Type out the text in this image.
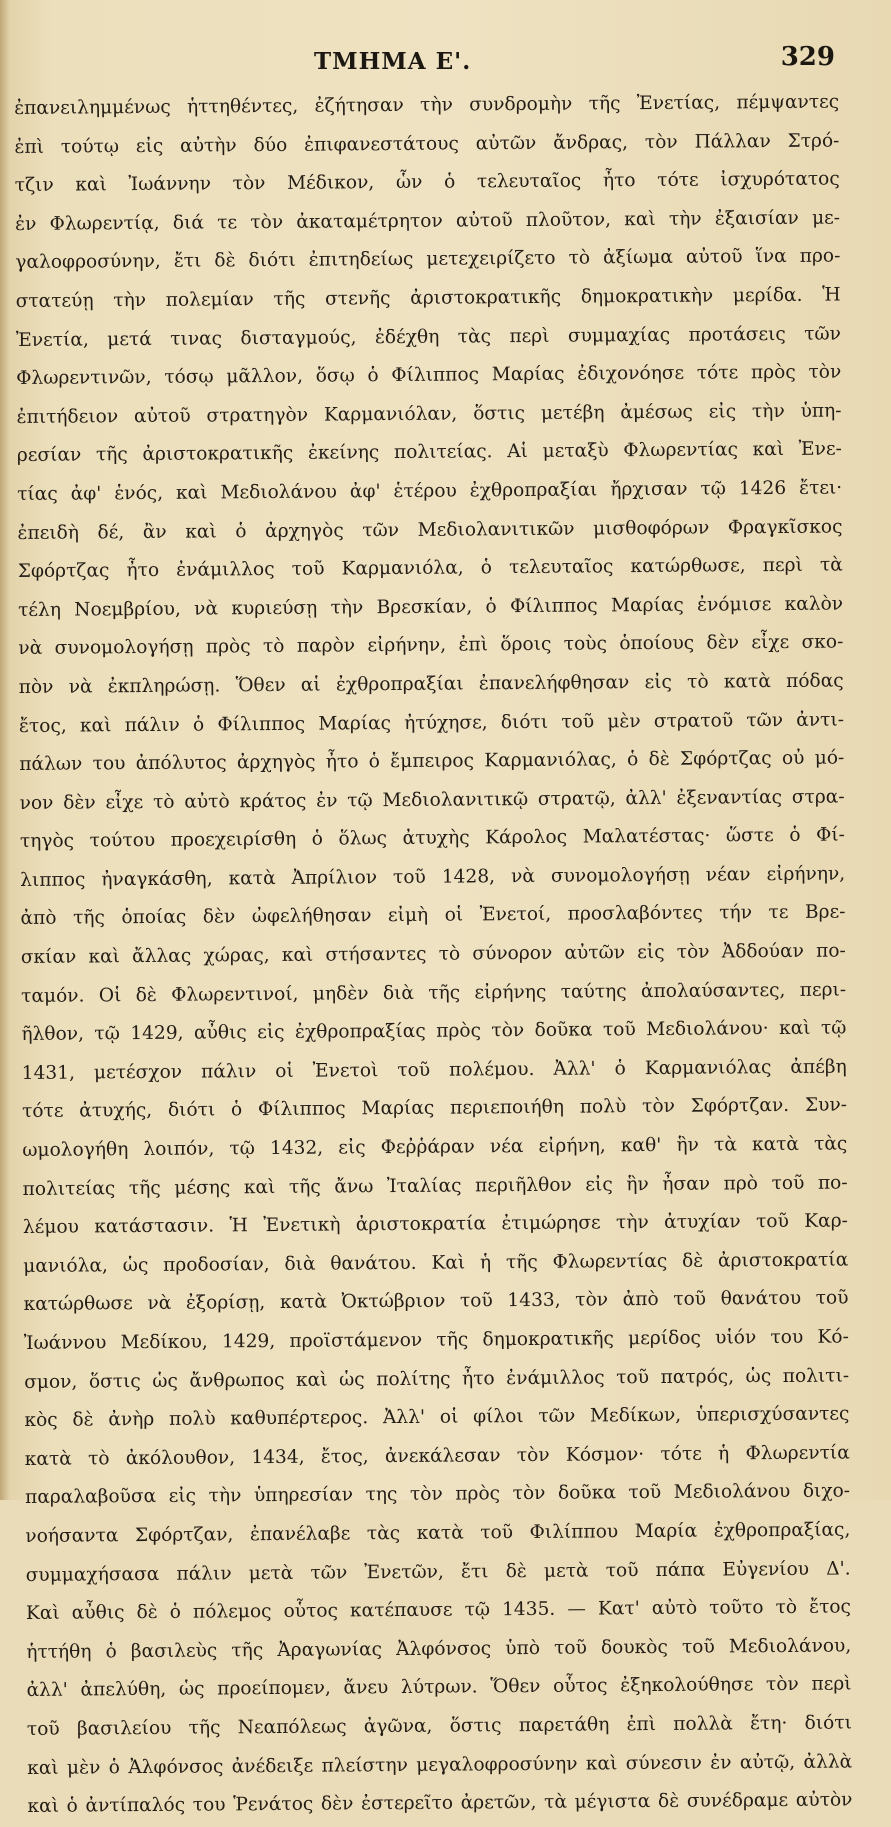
ΤΜΗΜΑ Ε'.	329
ἐπανειλημμένως ἡττηθέντες, ἐζήτησαν τὴν συνδρομὴν τῆς Ἐνετίας, πέμψαντες
ἐπὶ τούτῳ εἰς αὐτὴν δύο ἐπιφανεστάτους αὐτῶν ἄνδρας, τὸν Πάλλαν Στρό-
τζιν καὶ Ἰωάννην τὸν Μέδικον, ὧν ὁ τελευταῖος ἦτο τότε ἰσχυρότατος
ἐν Φλωρεντίᾳ, διά τε τὸν ἀκαταμέτρητον αὐτοῦ πλοῦτον, καὶ τὴν ἐξαισίαν με-
γαλοφροσύνην, ἔτι δὲ διότι ἐπιτηδείως μετεχειρίζετο τὸ ἀξίωμα αὐτοῦ ἵνα προ-
στατεύῃ τὴν πολεμίαν τῆς στενῆς ἀριστοκρατικῆς δημοκρατικὴν μερίδα. Ἡ
Ἐνετία, μετά τινας δισταγμούς, ἐδέχθη τὰς περὶ συμμαχίας προτάσεις τῶν
Φλωρεντινῶν, τόσῳ μᾶλλον, ὅσῳ ὁ Φίλιππος Μαρίας ἐδιχονόησε τότε πρὸς τὸν
ἐπιτήδειον αὐτοῦ στρατηγὸν Καρμανιόλαν, ὅστις μετέβη ἀμέσως εἰς τὴν ὑπη-
ρεσίαν τῆς ἀριστοκρατικῆς ἐκείνης πολιτείας. Αἱ μεταξὺ Φλωρεντίας καὶ Ἐνε-
τίας ἀφ' ἑνός, καὶ Μεδιολάνου ἀφ' ἑτέρου ἐχθροπραξίαι ἤρχισαν τῷ 1426 ἔτει·
ἐπειδὴ δέ, ἂν καὶ ὁ ἀρχηγὸς τῶν Μεδιολανιτικῶν μισθοφόρων Φραγκῖσκος
Σφόρτζας ἦτο ἐνάμιλλος τοῦ Καρμανιόλα, ὁ τελευταῖος κατώρθωσε, περὶ τὰ
τέλη Νοεμβρίου, νὰ κυριεύσῃ τὴν Βρεσκίαν, ὁ Φίλιππος Μαρίας ἐνόμισε καλὸν
νὰ συνομολογήσῃ πρὸς τὸ παρὸν εἰρήνην, ἐπὶ ὅροις τοὺς ὁποίους δὲν εἶχε σκο-
πὸν νὰ ἐκπληρώσῃ. Ὅθεν αἱ ἐχθροπραξίαι ἐπανελήφθησαν εἰς τὸ κατὰ πόδας
ἔτος, καὶ πάλιν ὁ Φίλιππος Μαρίας ἠτύχησε, διότι τοῦ μὲν στρατοῦ τῶν ἀντι-
πάλων του ἀπόλυτος ἀρχηγὸς ἦτο ὁ ἔμπειρος Καρμανιόλας, ὁ δὲ Σφόρτζας οὐ μό-
νον δὲν εἶχε τὸ αὐτὸ κράτος ἐν τῷ Μεδιολανιτικῷ στρατῷ, ἀλλ' ἐξεναντίας στρα-
τηγὸς τούτου προεχειρίσθη ὁ ὅλως ἀτυχὴς Κάρολος Μαλατέστας· ὥστε ὁ Φί-
λιππος ἠναγκάσθη, κατὰ Ἀπρίλιον τοῦ 1428, νὰ συνομολογήσῃ νέαν εἰρήνην,
ἀπὸ τῆς ὁποίας δὲν ὠφελήθησαν εἰμὴ οἱ Ἐνετοί, προσλαβόντες τήν τε Βρε-
σκίαν καὶ ἄλλας χώρας, καὶ στήσαντες τὸ σύνορον αὐτῶν εἰς τὸν Ἀδδούαν πο-
ταμόν. Οἱ δὲ Φλωρεντινοί, μηδὲν διὰ τῆς εἰρήνης ταύτης ἀπολαύσαντες, περι-
ῆλθον, τῷ 1429, αὖθις εἰς ἐχθροπραξίας πρὸς τὸν δοῦκα τοῦ Μεδιολάνου· καὶ τῷ
1431, μετέσχον πάλιν οἱ Ἐνετοὶ τοῦ πολέμου. Ἀλλ' ὁ Καρμανιόλας ἀπέβη
τότε ἀτυχής, διότι ὁ Φίλιππος Μαρίας περιεποιήθη πολὺ τὸν Σφόρτζαν. Συν-
ωμολογήθη λοιπόν, τῷ 1432, εἰς Φεῤῥάραν νέα εἰρήνη, καθ' ἣν τὰ κατὰ τὰς
πολιτείας τῆς μέσης καὶ τῆς ἄνω Ἰταλίας περιῆλθον εἰς ἣν ἦσαν πρὸ τοῦ πο-
λέμου κατάστασιν. Ἡ Ἐνετικὴ ἀριστοκρατία ἐτιμώρησε τὴν ἀτυχίαν τοῦ Καρ-
μανιόλα, ὡς προδοσίαν, διὰ θανάτου. Καὶ ἡ τῆς Φλωρεντίας δὲ ἀριστοκρατία
κατώρθωσε νὰ ἐξορίσῃ, κατὰ Ὀκτώβριον τοῦ 1433, τὸν ἀπὸ τοῦ θανάτου τοῦ
Ἰωάννου Μεδίκου, 1429, προϊστάμενον τῆς δημοκρατικῆς μερίδος υἱόν του Κό-
σμον, ὅστις ὡς ἄνθρωπος καὶ ὡς πολίτης ἦτο ἐνάμιλλος τοῦ πατρός, ὡς πολιτι-
κὸς δὲ ἀνὴρ πολὺ καθυπέρτερος. Ἀλλ' οἱ φίλοι τῶν Μεδίκων, ὑπερισχύσαντες
κατὰ τὸ ἀκόλουθον, 1434, ἔτος, ἀνεκάλεσαν τὸν Κόσμον· τότε ἡ Φλωρεντία
παραλαβοῦσα εἰς τὴν ὑπηρεσίαν της τὸν πρὸς τὸν δοῦκα τοῦ Μεδιολάνου διχο-
νοήσαντα Σφόρτζαν, ἐπανέλαβε τὰς κατὰ τοῦ Φιλίππου Μαρία ἐχθροπραξίας,
συμμαχήσασα πάλιν μετὰ τῶν Ἐνετῶν, ἔτι δὲ μετὰ τοῦ πάπα Εὐγενίου Δ'.
Καὶ αὖθις δὲ ὁ πόλεμος οὗτος κατέπαυσε τῷ 1435. — Κατ' αὐτὸ τοῦτο τὸ ἔτος
ἡττήθη ὁ βασιλεὺς τῆς Ἀραγωνίας Ἀλφόνσος ὑπὸ τοῦ δουκὸς τοῦ Μεδιολάνου,
ἀλλ' ἀπελύθη, ὡς προείπομεν, ἄνευ λύτρων. Ὅθεν οὗτος ἐξηκολούθησε τὸν περὶ
τοῦ βασιλείου τῆς Νεαπόλεως ἀγῶνα, ὅστις παρετάθη ἐπὶ πολλὰ ἔτη· διότι
καὶ μὲν ὁ Ἀλφόνσος ἀνέδειξε πλείστην μεγαλοφροσύνην καὶ σύνεσιν ἐν αὐτῷ, ἀλλὰ
καὶ ὁ ἀντίπαλός του Ῥενάτος δὲν ἐστερεῖτο ἀρετῶν, τὰ μέγιστα δὲ συνέδραμε αὐτὸν
